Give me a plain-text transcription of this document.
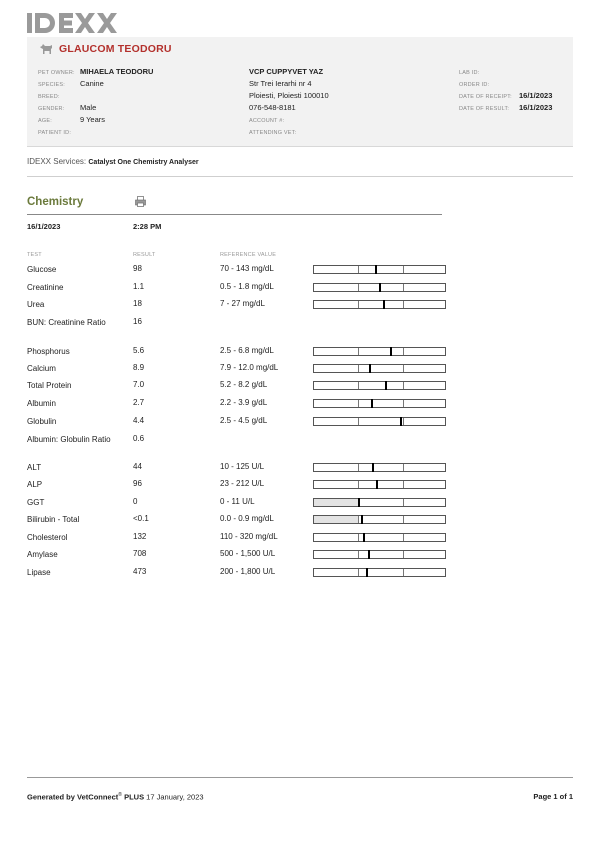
GLAUCOM TEODORU
PET OWNER: MIHAELA TEODORU
SPECIES: Canine
BREED:
GENDER: Male
AGE:	9 Years
PATIENT ID:
VCP CUPPYVET YAZ
Str Trei Ierarhi nr 4
Ploiesti, Ploiesti 100010
076-548-8181
ACCOUNT #:
ATTENDING VET:
LAB ID:
ORDER ID:
DATE OF RECEIPT: 16/1/2023
DATE OF RESULT: 16/1/2023
IDEXX Services: Catalyst One Chemistry Analyser
Chemistry
16/1/2023	2:28 PM
TEST	RESULT	REFERENCE VALUE
Glucose	98	70 - 143 mg/dL
Creatinine	1.1	0.5 - 1.8 mg/dL
Urea	18	7 - 27 mg/dL
BUN: Creatinine Ratio	16
Phosphorus	5.6	2.5 - 6.8 mg/dL
Calcium	8.9	7.9 - 12.0 mg/dL
Total Protein	7.0	5.2 - 8.2 g/dL
Albumin	2.7	2.2 - 3.9 g/dL
Globulin	4.4	2.5 - 4.5 g/dL
Albumin: Globulin Ratio	0.6
ALT	44	10 - 125 U/L
ALP	96	23 - 212 U/L
GGT	0	0 - 11 U/L
Bilirubin - Total	<0.1	0.0 - 0.9 mg/dL
Cholesterol	132	110 - 320 mg/dL
Amylase	708	500 - 1,500 U/L
Lipase	473	200 - 1,800 U/L
Generated by VetConnect® PLUS 17 January, 2023	Page 1 of 1
